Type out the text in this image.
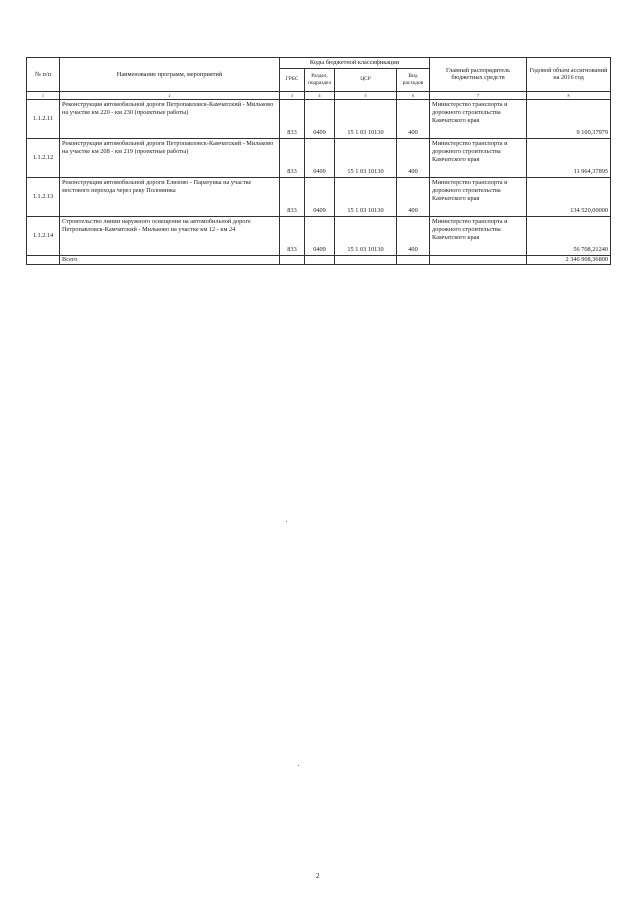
№ п/п	Наименование программ, мероприятий	Коды бюджетной классификации				Главный распорядитель бюджетных средств	Годовой объем ассигнований на 2016 год
		ГРБС	Раздел, подраздел	ЦСР	Вид расходов		
1	2	3	4	5	6	7	8
1.1.2.11	Реконструкция автомобильной дороги Петропавловск-Камчатский - Мильково на участке км 220 - км 230 (проектные работы)	833	0409	15 1 03 10130	400	Министерство транспорта и дорожного строительства Камчатского края	9 100,37979
1.1.2.12	Реконструкция автомобильной дороги Петропавловск-Камчатский - Мильково на участке км 208 - км 219 (проектные работы)	833	0409	15 1 03 10130	400	Министерство транспорта и дорожного строительства Камчатского края	11 964,37895
1.1.2.13	Реконструкция автомобильной дороги Елизово - Паратунка на участке мостового перехода через реку Половинка	833	0409	15 1 03 10130	400	Министерство транспорта и дорожного строительства Камчатского края	134 520,00000
1.1.2.14	Строительство линии наружного освещения на автомобильной дороге Петропавловск-Камчатский - Мильково на участке км 12 - км 24	833	0409	15 1 03 10130	400	Министерство транспорта и дорожного строительства Камчатского края	56 708,21240
	Всего						2 346 908,36800
2
